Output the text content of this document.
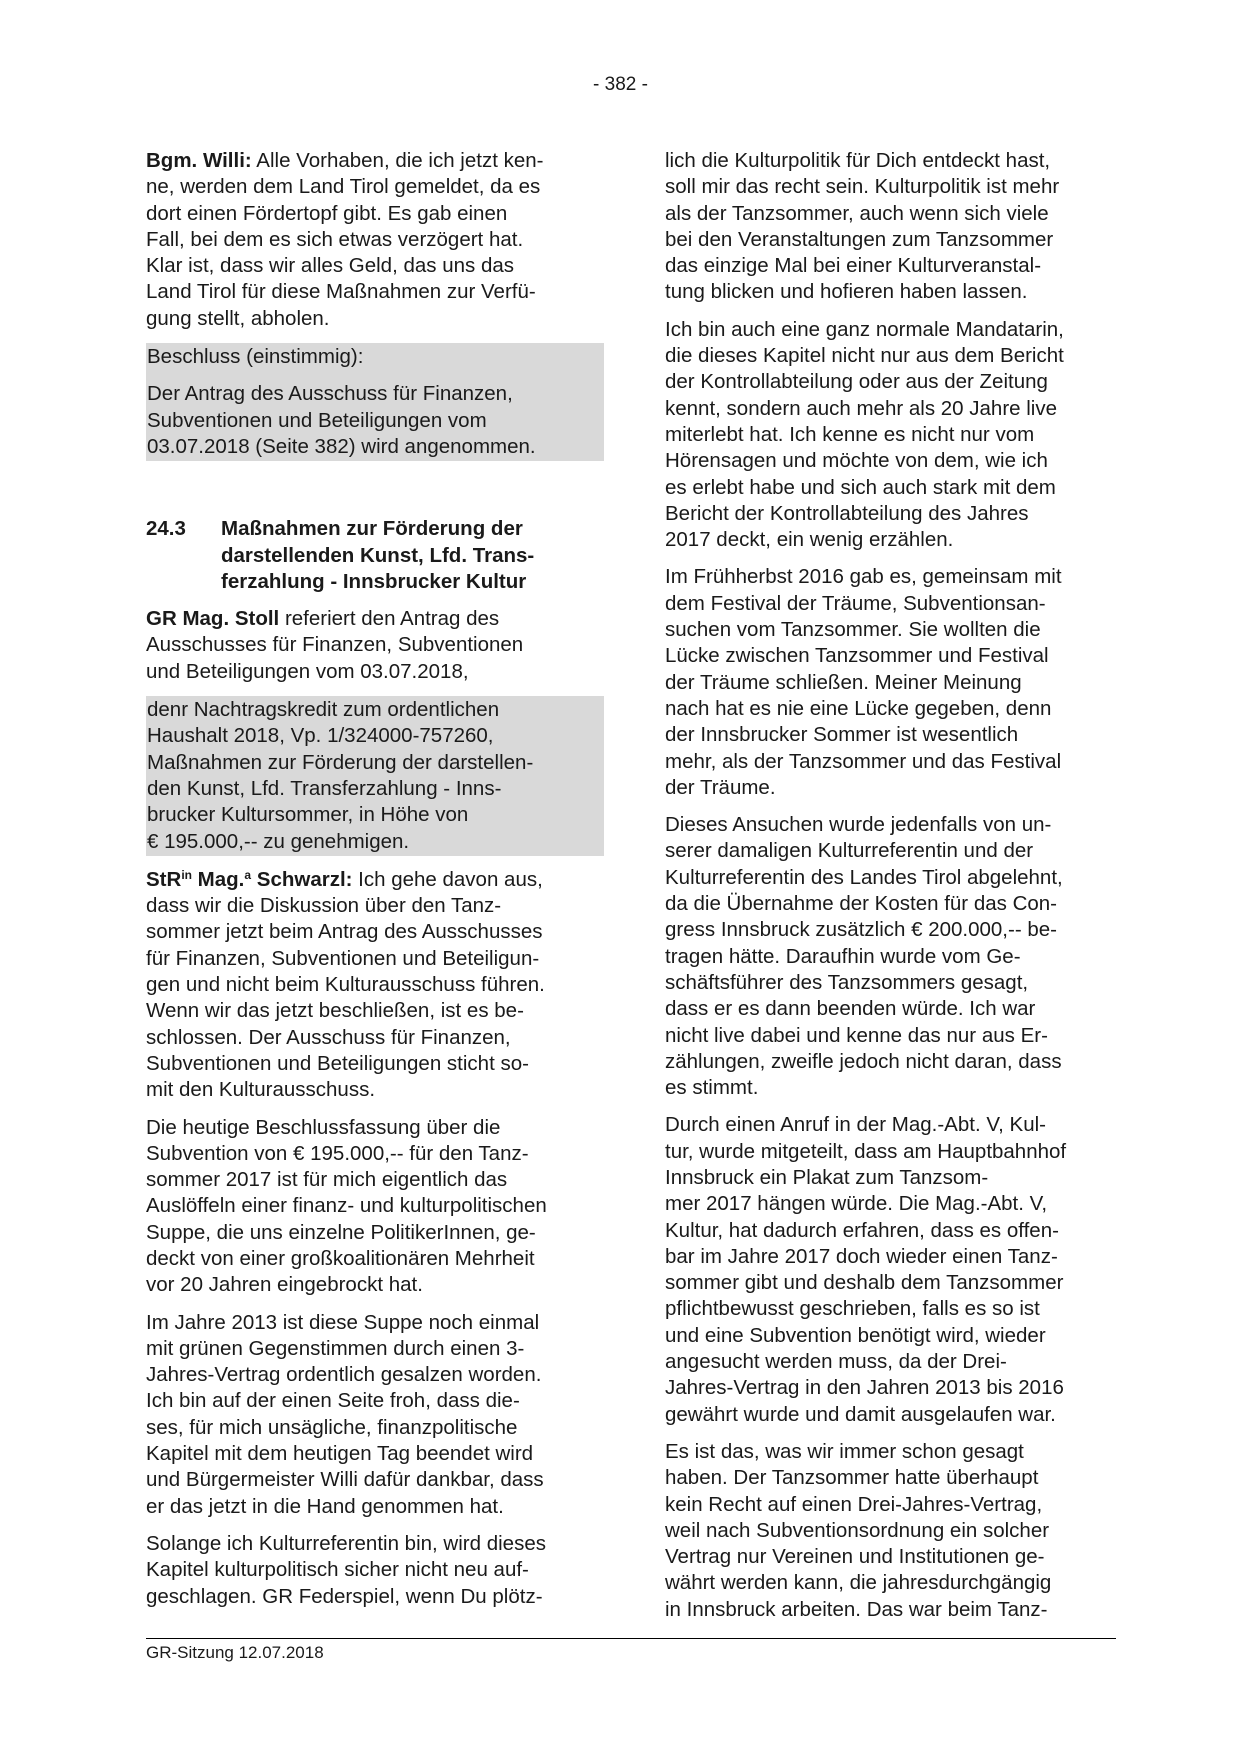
- 382 -

Bgm. Willi: Alle Vorhaben, die ich jetzt ken-
ne, werden dem Land Tirol gemeldet, da es
dort einen Fördertopf gibt. Es gab einen
Fall, bei dem es sich etwas verzögert hat.
Klar ist, dass wir alles Geld, das uns das
Land Tirol für diese Maßnahmen zur Verfü-
gung stellt, abholen.

Beschluss (einstimmig):
Der Antrag des Ausschuss für Finanzen,
Subventionen und Beteiligungen vom
03.07.2018 (Seite 382) wird angenommen.
24.3	Maßnahmen zur Förderung der
darstellenden Kunst, Lfd. Trans-
ferzahlung - Innsbrucker Kultur

GR Mag. Stoll referiert den Antrag des
Ausschusses für Finanzen, Subventionen
und Beteiligungen vom 03.07.2018,

denr Nachtragskredit zum ordentlichen
Haushalt 2018, Vp. 1/324000-757260,
Maßnahmen zur Förderung der darstellen-
den Kunst, Lfd. Transferzahlung - Inns-
brucker Kultursommer, in Höhe von
€ 195.000,-- zu genehmigen.

StR$^{in}$ Mag.$^a$ Schwarzl: Ich gehe davon aus,
dass wir die Diskussion über den Tanz-
sommer jetzt beim Antrag des Ausschusses
für Finanzen, Subventionen und Beteiligun-
gen und nicht beim Kulturausschuss führen.
Wenn wir das jetzt beschließen, ist es be-
schlossen. Der Ausschuss für Finanzen,
Subventionen und Beteiligungen sticht so-
mit den Kulturausschuss.

Die heutige Beschlussfassung über die
Subvention von € 195.000,-- für den Tanz-
sommer 2017 ist für mich eigentlich das
Auslöffeln einer finanz- und kulturpolitischen
Suppe, die uns einzelne PolitikerInnen, ge-
deckt von einer großkoalitionären Mehrheit
vor 20 Jahren eingebrockt hat.

Im Jahre 2013 ist diese Suppe noch einmal
mit grünen Gegenstimmen durch einen 3-
Jahres-Vertrag ordentlich gesalzen worden.
Ich bin auf der einen Seite froh, dass die-
ses, für mich unsägliche, finanzpolitische
Kapitel mit dem heutigen Tag beendet wird
und Bürgermeister Willi dafür dankbar, dass
er das jetzt in die Hand genommen hat.

Solange ich Kulturreferentin bin, wird dieses
Kapitel kulturpolitisch sicher nicht neu auf-
geschlagen. GR Federspiel, wenn Du plötz-

lich die Kulturpolitik für Dich entdeckt hast,
soll mir das recht sein. Kulturpolitik ist mehr
als der Tanzsommer, auch wenn sich viele
bei den Veranstaltungen zum Tanzsommer
das einzige Mal bei einer Kulturveranstal-
tung blicken und hofieren haben lassen.

Ich bin auch eine ganz normale Mandatarin,
die dieses Kapitel nicht nur aus dem Bericht
der Kontrollabteilung oder aus der Zeitung
kennt, sondern auch mehr als 20 Jahre live
miterlebt hat. Ich kenne es nicht nur vom
Hörensagen und möchte von dem, wie ich
es erlebt habe und sich auch stark mit dem
Bericht der Kontrollabteilung des Jahres
2017 deckt, ein wenig erzählen.

Im Frühherbst 2016 gab es, gemeinsam mit
dem Festival der Träume, Subventionsan-
suchen vom Tanzsommer. Sie wollten die
Lücke zwischen Tanzsommer und Festival
der Träume schließen. Meiner Meinung
nach hat es nie eine Lücke gegeben, denn
der Innsbrucker Sommer ist wesentlich
mehr, als der Tanzsommer und das Festival
der Träume.

Dieses Ansuchen wurde jedenfalls von un-
serer damaligen Kulturreferentin und der
Kulturreferentin des Landes Tirol abgelehnt,
da die Übernahme der Kosten für das Con-
gress Innsbruck zusätzlich € 200.000,-- be-
tragen hätte. Daraufhin wurde vom Ge-
schäftsführer des Tanzsommers gesagt,
dass er es dann beenden würde. Ich war
nicht live dabei und kenne das nur aus Er-
zählungen, zweifle jedoch nicht daran, dass
es stimmt.

Durch einen Anruf in der Mag.-Abt. V, Kul-
tur, wurde mitgeteilt, dass am Hauptbahnhof
Innsbruck ein Plakat zum Tanzsom-
mer 2017 hängen würde. Die Mag.-Abt. V,
Kultur, hat dadurch erfahren, dass es offen-
bar im Jahre 2017 doch wieder einen Tanz-
sommer gibt und deshalb dem Tanzsommer
pflichtbewusst geschrieben, falls es so ist
und eine Subvention benötigt wird, wieder
angesucht werden muss, da der Drei-
Jahres-Vertrag in den Jahren 2013 bis 2016
gewährt wurde und damit ausgelaufen war.

Es ist das, was wir immer schon gesagt
haben. Der Tanzsommer hatte überhaupt
kein Recht auf einen Drei-Jahres-Vertrag,
weil nach Subventionsordnung ein solcher
Vertrag nur Vereinen und Institutionen ge-
währt werden kann, die jahresdurchgängig
in Innsbruck arbeiten. Das war beim Tanz-

GR-Sitzung 12.07.2018
